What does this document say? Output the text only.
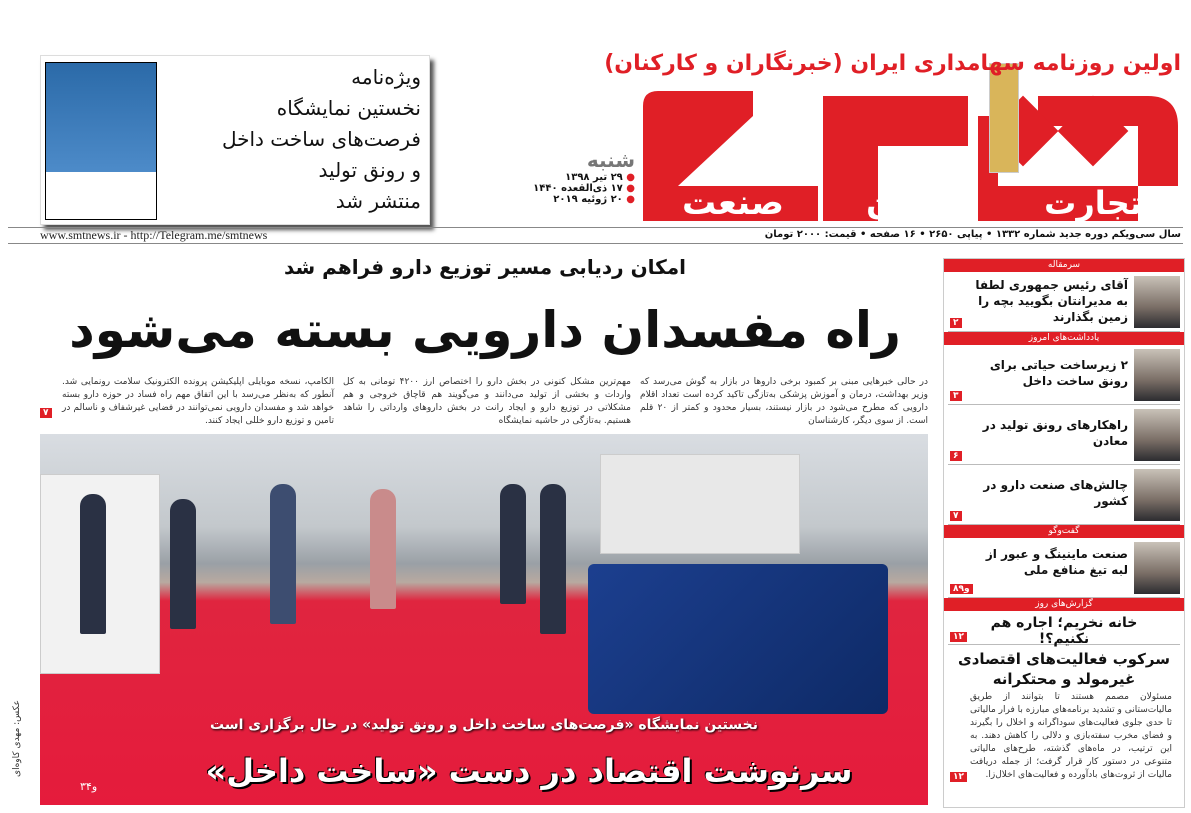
صنعت	معدن	تجارت
اولین روزنامه سهامداری ایران (خبرنگاران و کارکنان)
شنبه
● ۲۹ تیر ۱۳۹۸
● ۱۷ ذی‌القعده ۱۴۴۰
● ۲۰ ژوئیه ۲۰۱۹
ویژه‌نامه
نخستین نمایشگاه
فرصت‌های ساخت داخل
و رونق تولید
منتشر شد
سال سی‌ویکم دوره جدید شماره ۱۳۳۲ • پیاپی ۲۶۵۰ • ۱۶ صفحه • قیمت: ۲۰۰۰ تومان
www.smtnews.ir - http://Telegram.me/smtnews
امکان ردیابی مسیر توزیع دارو فراهم شد
راه مفسدان دارویی بسته می‌شود
در حالی خبرهایی مبنی بر کمبود برخی داروها در بازار به گوش می‌رسد که وزیر بهداشت، درمان و آموزش پزشکی به‌تازگی تاکید کرده است تعداد اقلام دارویی که مطرح می‌شود در بازار نیستند، بسیار محدود و کمتر از ۲۰ قلم است. از سوی دیگر، کارشناسان
مهم‌ترین مشکل کنونی در بخش دارو را اختصاص ارز ۴۲۰۰ تومانی به کل واردات و بخشی از تولید می‌دانند و می‌گویند هم قاچاق خروجی و هم مشکلاتی در توزیع دارو و ایجاد رانت در بخش داروهای وارداتی را شاهد هستیم. به‌تازگی در حاشیه نمایشگاه
الکامپ، نسخه موبایلی اپلیکیشن پرونده الکترونیک سلامت رونمایی شد. آنطور که به‌نظر می‌رسد با این اتفاق مهم راه فساد در حوزه دارو بسته خواهد شد و مفسدان دارویی نمی‌توانند در فضایی غیرشفاف و ناسالم در تامین و توزیع دارو خللی ایجاد کنند.
۷
نخستین نمایشگاه «فرصت‌های ساخت داخل و رونق تولید» در حال برگزاری است
سرنوشت اقتصاد در دست «ساخت داخل»
۳و۴
عکس: مهدی کاوه‌ای
سرمقاله
آقای رئیس جمهوری لطفا به مدیرانتان بگویید بچه را زمین بگذارند
۲
یادداشت‌های امروز
۲ زیرساخت حیاتی برای رونق ساخت داخل
۳
راهکارهای رونق تولید در معادن
۶
چالش‌های صنعت دارو در کشور
۷
گفت‌وگو
صنعت ماینینگ و عبور از لبه تیغ منافع ملی
۸و۹
گزارش‌های روز
خانه نخریم؛ اجاره هم نکنیم؟!
۱۲
سرکوب فعالیت‌های اقتصادی غیرمولد و محتکرانه
مسئولان مصمم هستند تا بتوانند از طریق مالیات‌ستانی و تشدید برنامه‌های مبارزه با فرار مالیاتی تا حدی جلوی فعالیت‌های سوداگرانه و اخلال را بگیرند و فضای مخرب سفته‌بازی و دلالی را کاهش دهند. به این ترتیب، در ماه‌های گذشته، طرح‌های مالیاتی متنوعی در دستور کار قرار گرفت؛ از جمله دریافت مالیات از ثروت‌های بادآورده و فعالیت‌های اخلال‌زا.
۱۲
